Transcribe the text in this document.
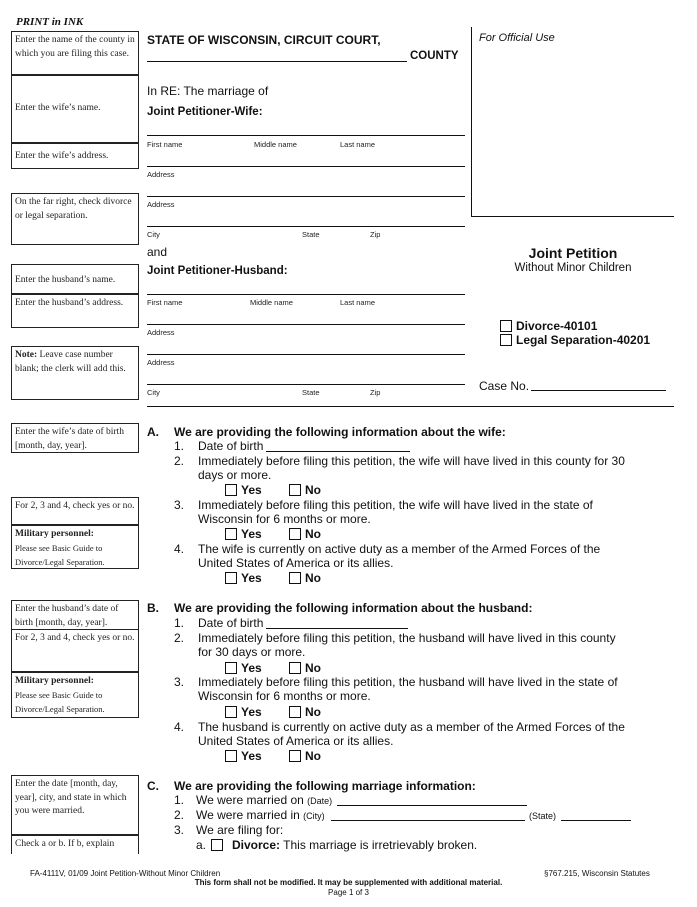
PRINT in INK
Enter the name of the county in which you are filing this case.
Enter the wife’s name.
Enter the wife’s address.
On the far right, check divorce or legal separation.
Enter the husband’s name.
Enter the husband’s address.
Note: Leave case number blank; the clerk will add this.
STATE OF WISCONSIN, CIRCUIT COURT,
COUNTY
For Official Use
In RE: The marriage of
Joint Petitioner-Wife:
First name	Middle name	Last name
Address
Address
City	State	Zip
and	Joint Petition
Without Minor Children
Joint Petitioner-Husband:
First name	Middle name	Last name
Address
Address
City	State	Zip
Divorce-40101
Legal Separation-40201
Case No.
Enter the wife’s date of birth [month, day, year].
For 2, 3 and 4, check yes or no.
Military personnel:
Please see Basic Guide to Divorce/Legal Separation.
A. We are providing the following information about the wife:
1. Date of birth
2. Immediately before filing this petition, the wife will have lived in this county for 30
days or more.
Yes	No
3. Immediately before filing this petition, the wife will have lived in the state of
Wisconsin for 6 months or more.
Yes	No
4. The wife is currently on active duty as a member of the Armed Forces of the
United States of America or its allies.
Yes	No
Enter the husband’s date of birth [month, day, year].
For 2, 3 and 4, check yes or no.
Military personnel:
Please see Basic Guide to Divorce/Legal Separation.
B. We are providing the following information about the husband:
1. Date of birth
2. Immediately before filing this petition, the husband will have lived in this county
for 30 days or more.
Yes	No
3. Immediately before filing this petition, the husband will have lived in the state of
Wisconsin for 6 months or more.
Yes	No
4. The husband is currently on active duty as a member of the Armed Forces of the
United States of America or its allies.
Yes	No
Enter the date [month, day, year], city, and state in which you were married.
Check a or b. If b, explain
C. We are providing the following marriage information:
1. We were married on (Date)
2. We were married in (City)	(State)
3. We are filing for:
a.	Divorce: This marriage is irretrievably broken.
FA-4111V, 01/09 Joint Petition-Without Minor Children	§767.215, Wisconsin Statutes
This form shall not be modified. It may be supplemented with additional material.
Page 1 of 3
